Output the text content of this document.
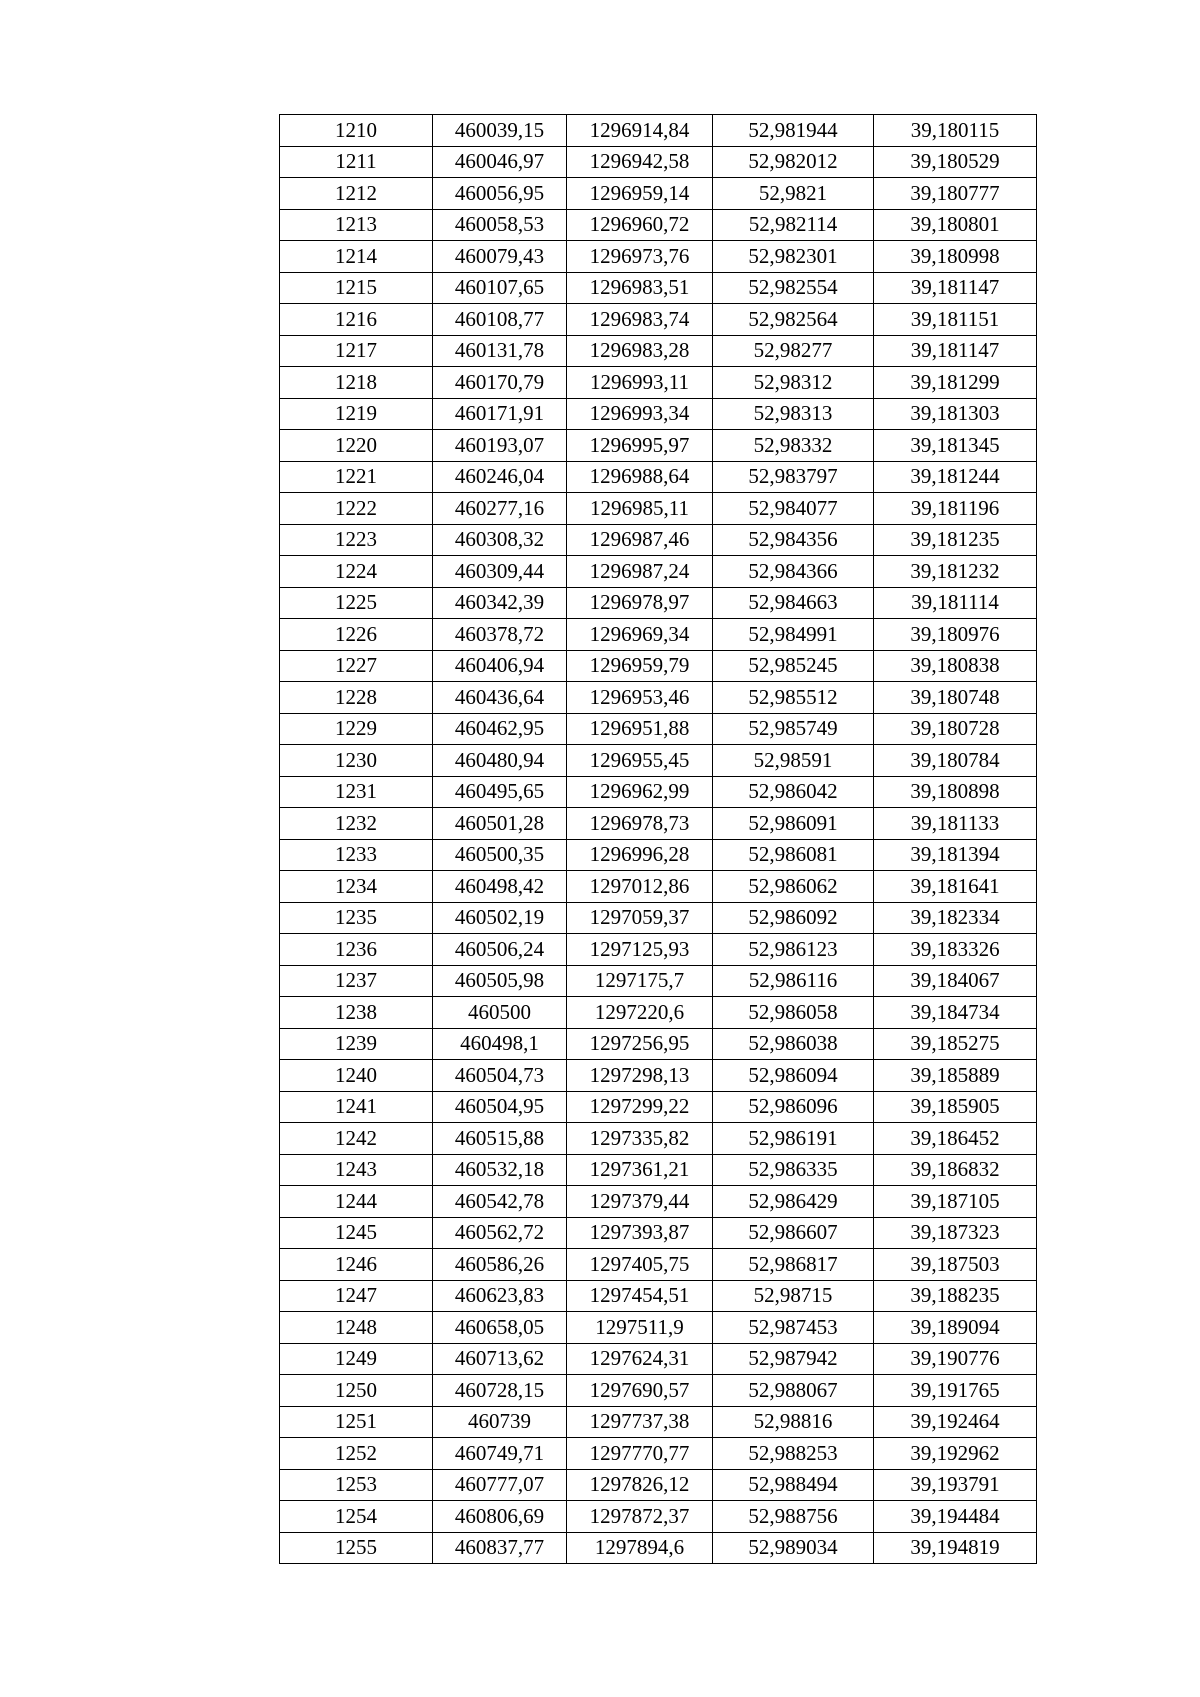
1210	460039,15	1296914,84	52,981944	39,180115
1211	460046,97	1296942,58	52,982012	39,180529
1212	460056,95	1296959,14	52,9821	39,180777
1213	460058,53	1296960,72	52,982114	39,180801
1214	460079,43	1296973,76	52,982301	39,180998
1215	460107,65	1296983,51	52,982554	39,181147
1216	460108,77	1296983,74	52,982564	39,181151
1217	460131,78	1296983,28	52,98277	39,181147
1218	460170,79	1296993,11	52,98312	39,181299
1219	460171,91	1296993,34	52,98313	39,181303
1220	460193,07	1296995,97	52,98332	39,181345
1221	460246,04	1296988,64	52,983797	39,181244
1222	460277,16	1296985,11	52,984077	39,181196
1223	460308,32	1296987,46	52,984356	39,181235
1224	460309,44	1296987,24	52,984366	39,181232
1225	460342,39	1296978,97	52,984663	39,181114
1226	460378,72	1296969,34	52,984991	39,180976
1227	460406,94	1296959,79	52,985245	39,180838
1228	460436,64	1296953,46	52,985512	39,180748
1229	460462,95	1296951,88	52,985749	39,180728
1230	460480,94	1296955,45	52,98591	39,180784
1231	460495,65	1296962,99	52,986042	39,180898
1232	460501,28	1296978,73	52,986091	39,181133
1233	460500,35	1296996,28	52,986081	39,181394
1234	460498,42	1297012,86	52,986062	39,181641
1235	460502,19	1297059,37	52,986092	39,182334
1236	460506,24	1297125,93	52,986123	39,183326
1237	460505,98	1297175,7	52,986116	39,184067
1238	460500	1297220,6	52,986058	39,184734
1239	460498,1	1297256,95	52,986038	39,185275
1240	460504,73	1297298,13	52,986094	39,185889
1241	460504,95	1297299,22	52,986096	39,185905
1242	460515,88	1297335,82	52,986191	39,186452
1243	460532,18	1297361,21	52,986335	39,186832
1244	460542,78	1297379,44	52,986429	39,187105
1245	460562,72	1297393,87	52,986607	39,187323
1246	460586,26	1297405,75	52,986817	39,187503
1247	460623,83	1297454,51	52,98715	39,188235
1248	460658,05	1297511,9	52,987453	39,189094
1249	460713,62	1297624,31	52,987942	39,190776
1250	460728,15	1297690,57	52,988067	39,191765
1251	460739	1297737,38	52,98816	39,192464
1252	460749,71	1297770,77	52,988253	39,192962
1253	460777,07	1297826,12	52,988494	39,193791
1254	460806,69	1297872,37	52,988756	39,194484
1255	460837,77	1297894,6	52,989034	39,194819
